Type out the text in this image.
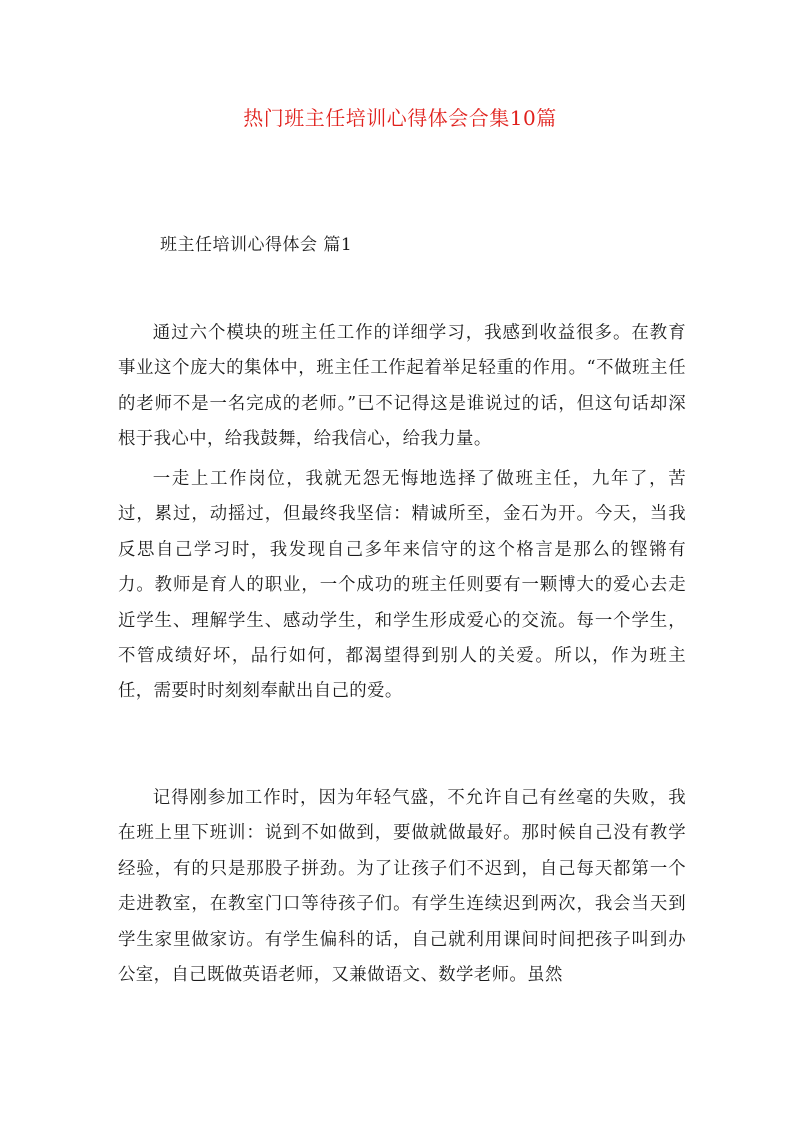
热门班主任培训心得体会合集10篇
班主任培训心得体会 篇1

通过六个模块的班主任工作的详细学习，我感到收益很多。在教育事业这个庞大的集体中，班主任工作起着举足轻重的作用。“不做班主任的老师不是一名完成的老师。”已不记得这是谁说过的话，但这句话却深根于我心中，给我鼓舞，给我信心，给我力量。

一走上工作岗位，我就无怨无悔地选择了做班主任，九年了，苦过，累过，动摇过，但最终我坚信：精诚所至，金石为开。今天，当我反思自己学习时，我发现自己多年来信守的这个格言是那么的铿锵有力。教师是育人的职业，一个成功的班主任则要有一颗博大的爱心去走近学生、理解学生、感动学生，和学生形成爱心的交流。每一个学生，不管成绩好坏，品行如何，都渴望得到别人的关爱。所以，作为班主任，需要时时刻刻奉献出自己的爱。

记得刚参加工作时，因为年轻气盛，不允许自己有丝毫的失败，我在班上里下班训：说到不如做到，要做就做最好。那时候自己没有教学经验，有的只是那股子拼劲。为了让孩子们不迟到，自己每天都第一个走进教室，在教室门口等待孩子们。有学生连续迟到两次，我会当天到学生家里做家访。有学生偏科的话，自己就利用课间时间把孩子叫到办公室，自己既做英语老师，又兼做语文、数学老师。虽然
